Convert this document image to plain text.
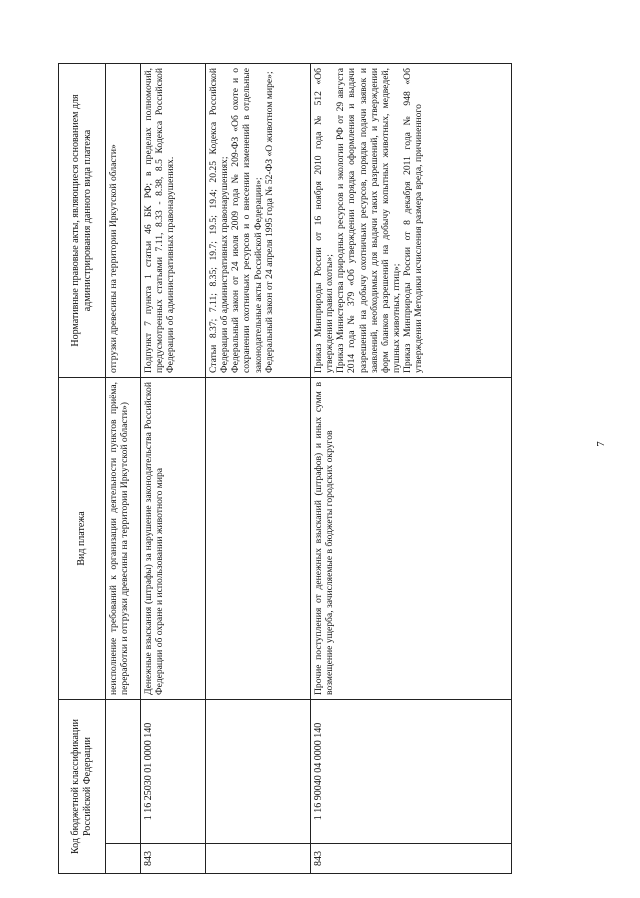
Код бюджетной классификации Российской Федерации		Вид платежа	Нормативные правовые акты, являющиеся основанием для администрирования данного вида платежа
		неисполнение требований к организации деятельности пунктов приёма, переработки и отгрузки древесины на территории Иркутской области»)	отгрузки древесины на территории Иркутской области»

843	1 16 25030 01 0000 140	Денежные взыскания (штрафы) за нарушение законодательства Российской Федерации об охране и использовании животного мира	Подпункт 7 пункта 1 статьи 46 БК РФ; в пределах полномочий, предусмотренных статьями 7.11, 8.33 - 8.38, 8.5 Кодекса Российской Федерации об административных правонарушениях.

			Статьи 8.37; 7.11; 8.35; 19.7; 19.5; 19.4; 20.25 Кодекса Российской Федерации об административных правонарушениях; Федеральный закон от 24 июля 2009 года № 209-ФЗ «Об охоте и о сохранении охотничьих ресурсов и о внесении изменений в отдельные законодательные акты Российской Федерации»; Федеральный закон от 24 апреля 1995 года № 52-ФЗ «О животном мире»;

843	1 16 90040 04 0000 140	Прочие поступления от денежных взысканий (штрафов) и иных сумм в возмещение ущерба, зачисляемые в бюджеты городских округов	Приказ Минприроды России от 16 ноября 2010 года № 512 «Об утверждении правил охоты»; Приказ Министерства природных ресурсов и экологии РФ от 29 августа 2014 года № 379 «Об утверждении порядка оформления и выдачи разрешений на добычу охотничьих ресурсов, порядка подачи заявок и заявлений, необходимых для выдачи таких разрешений, и утверждении форм бланков разрешений на добычу копытных животных, медведей, пушных животных, птиц»; Приказ Минприроды России от 8 декабря 2011 года № 948 «Об утверждении Методики исчисления размера вреда, причиненного

7
